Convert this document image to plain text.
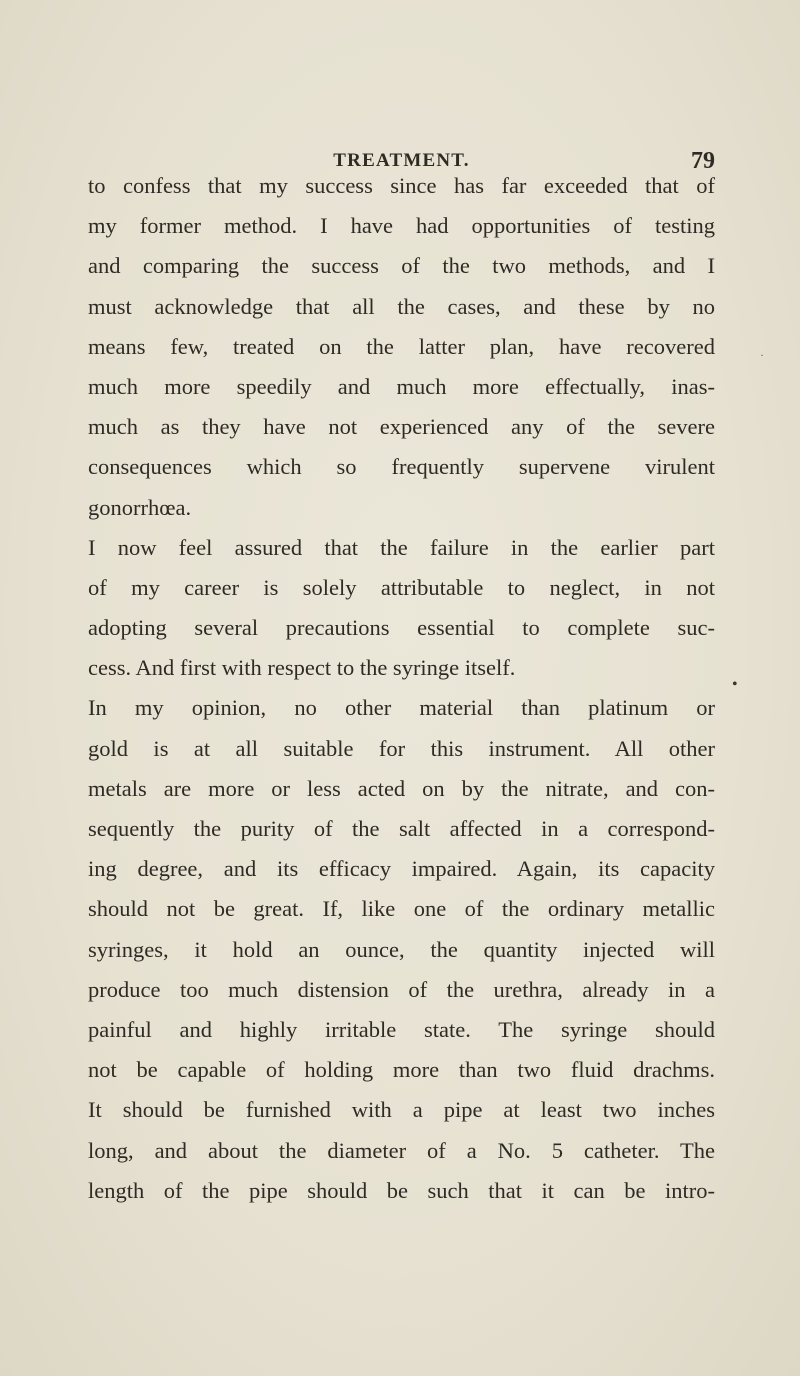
TREATMENT.	79
to confess that my success since has far exceeded that of
my former method. I have had opportunities of testing
and comparing the success of the two methods, and I
must acknowledge that all the cases, and these by no
means few, treated on the latter plan, have recovered
much more speedily and much more effectually, inas-
much as they have not experienced any of the severe
consequences which so frequently supervene virulent
gonorrhœa.
I now feel assured that the failure in the earlier part
of my career is solely attributable to neglect, in not
adopting several precautions essential to complete suc-
cess. And first with respect to the syringe itself.
In my opinion, no other material than platinum or
gold is at all suitable for this instrument. All other
metals are more or less acted on by the nitrate, and con-
sequently the purity of the salt affected in a correspond-
ing degree, and its efficacy impaired. Again, its capacity
should not be great. If, like one of the ordinary metallic
syringes, it hold an ounce, the quantity injected will
produce too much distension of the urethra, already in a
painful and highly irritable state. The syringe should
not be capable of holding more than two fluid drachms.
It should be furnished with a pipe at least two inches
long, and about the diameter of a No. 5 catheter. The
length of the pipe should be such that it can be intro-
·
•
